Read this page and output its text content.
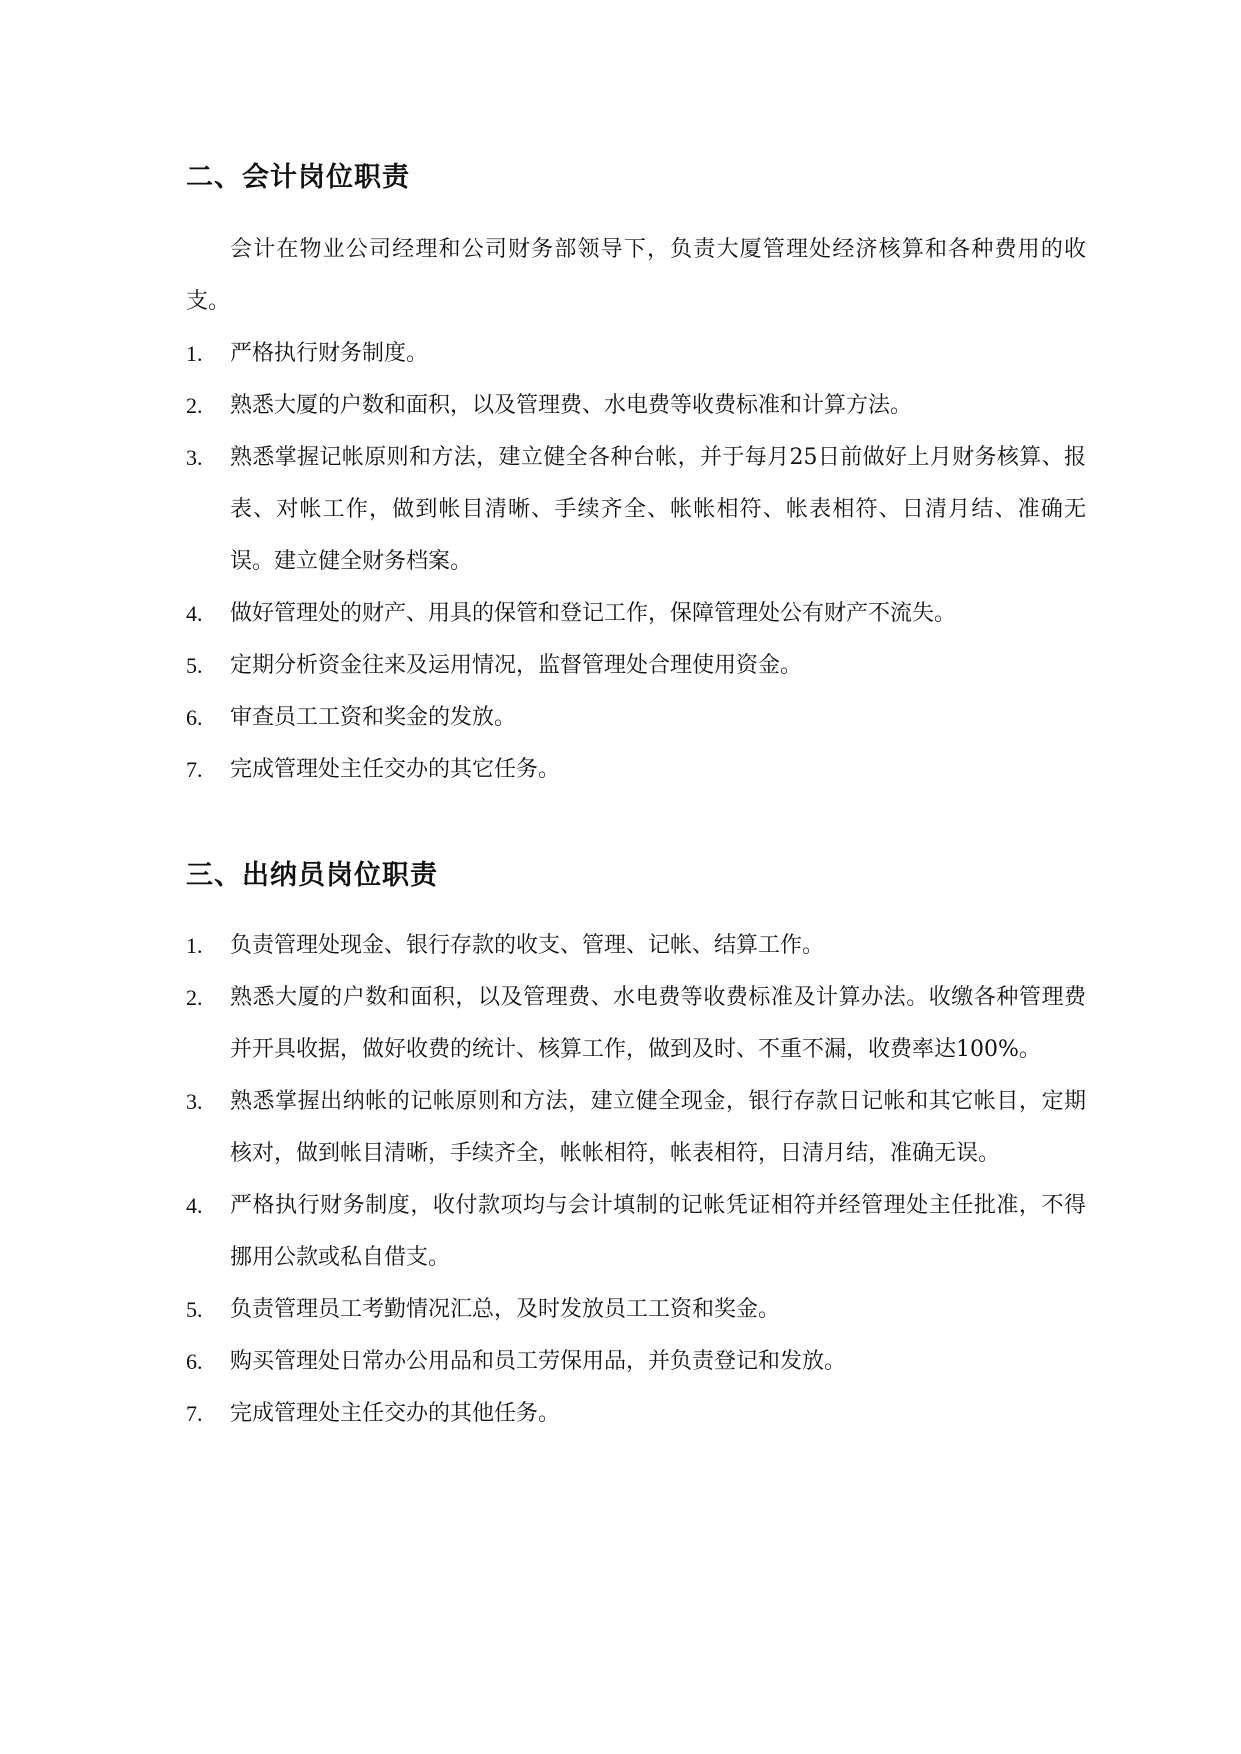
二、会计岗位职责

会计在物业公司经理和公司财务部领导下，负责大厦管理处经济核算和各种费用的收支。

1.	严格执行财务制度。
2.	熟悉大厦的户数和面积，以及管理费、水电费等收费标准和计算方法。
3.	熟悉掌握记帐原则和方法，建立健全各种台帐，并于每月25日前做好上月财务核算、报表、对帐工作，做到帐目清晰、手续齐全、帐帐相符、帐表相符、日清月结、准确无误。建立健全财务档案。
4.	做好管理处的财产、用具的保管和登记工作，保障管理处公有财产不流失。
5.	定期分析资金往来及运用情况，监督管理处合理使用资金。
6.	审查员工工资和奖金的发放。
7.	完成管理处主任交办的其它任务。
三、出纳员岗位职责
1.	负责管理处现金、银行存款的收支、管理、记帐、结算工作。
2.	熟悉大厦的户数和面积，以及管理费、水电费等收费标准及计算办法。收缴各种管理费并开具收据，做好收费的统计、核算工作，做到及时、不重不漏，收费率达100%。
3.	熟悉掌握出纳帐的记帐原则和方法，建立健全现金，银行存款日记帐和其它帐目，定期核对，做到帐目清晰，手续齐全，帐帐相符，帐表相符，日清月结，准确无误。
4.	严格执行财务制度，收付款项均与会计填制的记帐凭证相符并经管理处主任批准，不得挪用公款或私自借支。
5.	负责管理员工考勤情况汇总，及时发放员工工资和奖金。
6.	购买管理处日常办公用品和员工劳保用品，并负责登记和发放。
7.	完成管理处主任交办的其他任务。
